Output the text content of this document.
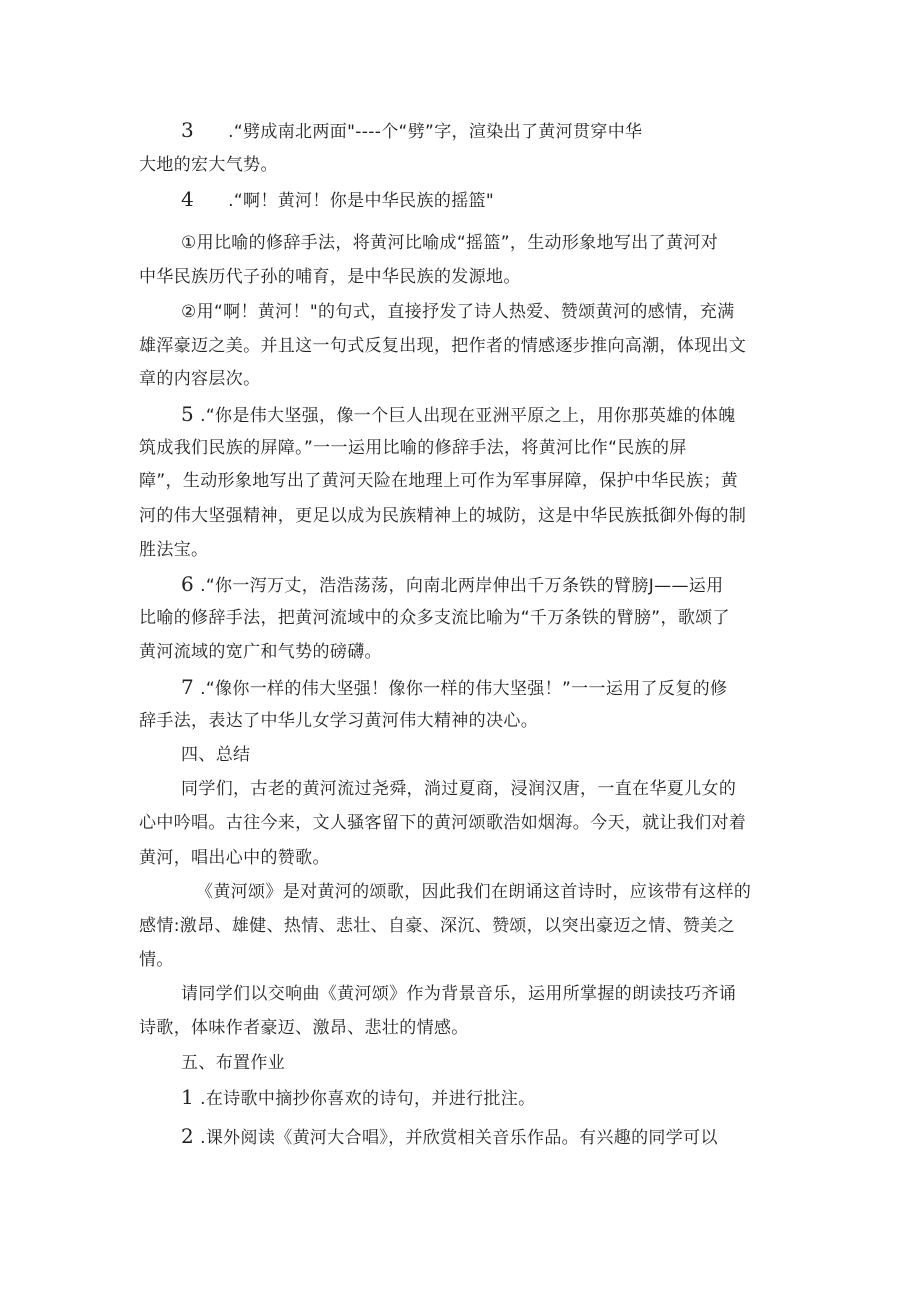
3 .“劈成南北两面"----个“劈”字，渲染出了黄河贯穿中华
大地的宏大气势。
4 .“啊！黄河！你是中华民族的摇篮"
①用比喻的修辞手法，将黄河比喻成“摇篮”，生动形象地写出了黄河对
中华民族历代子孙的哺育，是中华民族的发源地。
②用“啊！黄河！"的句式，直接抒发了诗人热爱、赞颂黄河的感情，充满
雄浑豪迈之美。并且这一句式反复出现，把作者的情感逐步推向高潮，体现出文
章的内容层次。
5 .“你是伟大坚强，像一个巨人出现在亚洲平原之上，用你那英雄的体魄
筑成我们民族的屏障。”一一运用比喻的修辞手法，将黄河比作“民族的屏
障”，生动形象地写出了黄河天险在地理上可作为军事屏障，保护中华民族；黄
河的伟大坚强精神，更足以成为民族精神上的城防，这是中华民族抵御外侮的制
胜法宝。
6 .“你一泻万丈，浩浩荡荡，向南北两岸伸出千万条铁的臂膀J——运用
比喻的修辞手法，把黄河流域中的众多支流比喻为“千万条铁的臂膀”，歌颂了
黄河流域的宽广和气势的磅礴。
7 .“像你一样的伟大坚强！像你一样的伟大坚强！”一一运用了反复的修
辞手法，表达了中华儿女学习黄河伟大精神的决心。
四、总结
同学们，古老的黄河流过尧舜，淌过夏商，浸润汉唐，一直在华夏儿女的
心中吟唱。古往今来，文人骚客留下的黄河颂歌浩如烟海。今天，就让我们对着
黄河，唱出心中的赞歌。
《黄河颂》是对黄河的颂歌，因此我们在朗诵这首诗时，应该带有这样的
感情:激昂、雄健、热情、悲壮、自豪、深沉、赞颂，以突出豪迈之情、赞美之
情。
请同学们以交响曲《黄河颂》作为背景音乐，运用所掌握的朗读技巧齐诵
诗歌，体味作者豪迈、激昂、悲壮的情感。
五、布置作业
1 .在诗歌中摘抄你喜欢的诗句，并进行批注。
2 .课外阅读《黄河大合唱》，并欣赏相关音乐作品。有兴趣的同学可以
